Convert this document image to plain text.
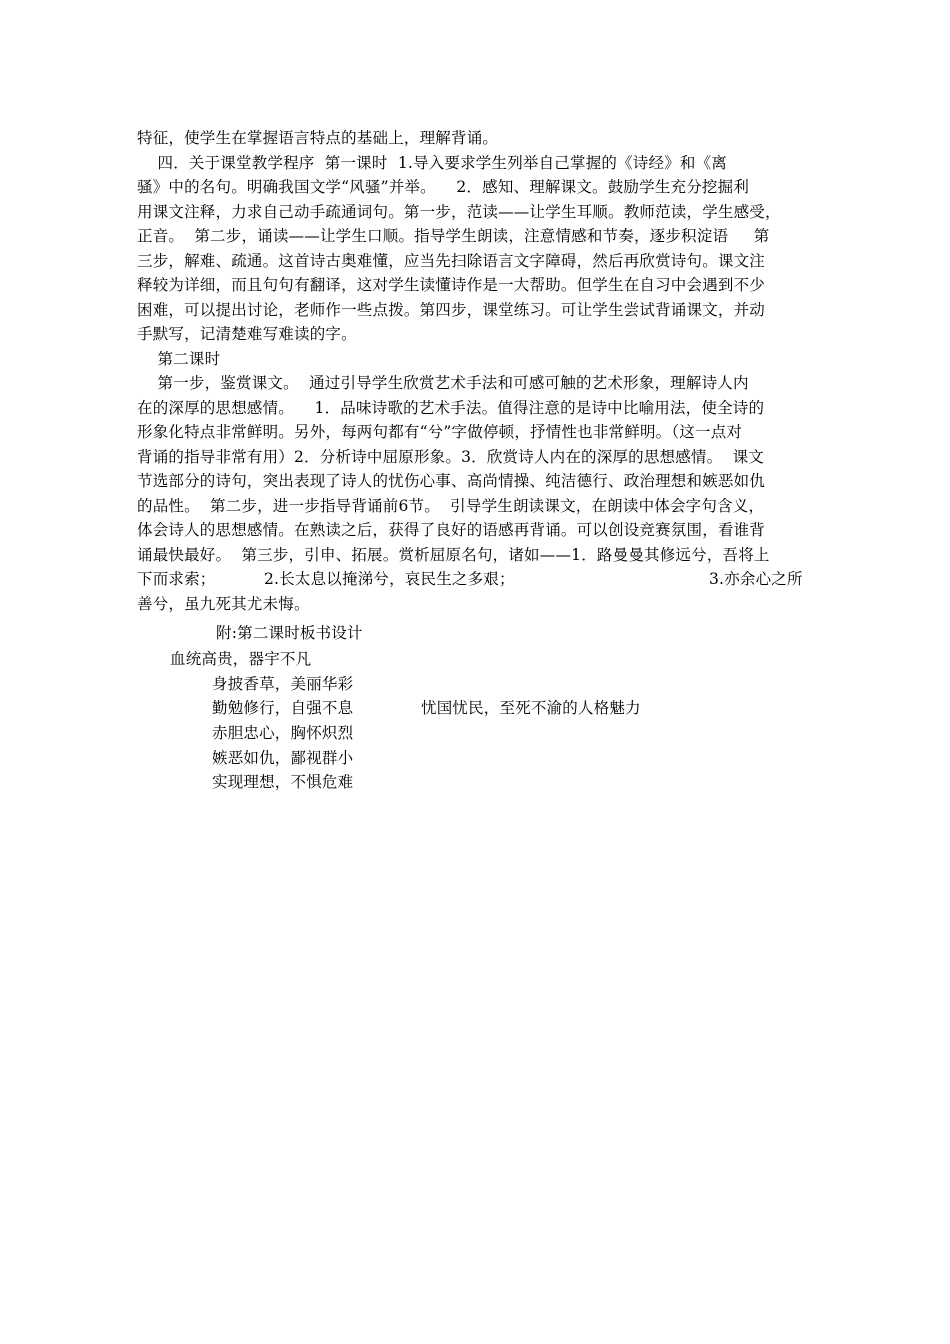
特征，使学生在掌握语言特点的基础上，理解背诵。
四．关于课堂教学程序  第一课时  1.导入要求学生列举自己掌握的《诗经》和《离
骚》中的名句。明确我国文学“风骚”并举。    2．感知、理解课文。鼓励学生充分挖掘利
用课文注释，力求自己动手疏通词句。第一步，范读——让学生耳顺。教师范读，学生感受，
正音。  第二步，诵读——让学生口顺。指导学生朗读，注意情感和节奏，逐步积淀语     第
三步，解难、疏通。这首诗古奥难懂，应当先扫除语言文字障碍，然后再欣赏诗句。课文注
释较为详细，而且句句有翻译，这对学生读懂诗作是一大帮助。但学生在自习中会遇到不少
困难，可以提出讨论，老师作一些点拨。第四步，课堂练习。可让学生尝试背诵课文，并动
手默写，记清楚难写难读的字。
第二课时
第一步，鉴赏课文。  通过引导学生欣赏艺术手法和可感可触的艺术形象，理解诗人内
在的深厚的思想感情。    1．品味诗歌的艺术手法。值得注意的是诗中比喻用法，使全诗的
形象化特点非常鲜明。另外，每两句都有“兮”字做停顿，抒情性也非常鲜明。（这一点对
背诵的指导非常有用）2．分析诗中屈原形象。3．欣赏诗人内在的深厚的思想感情。  课文
节选部分的诗句，突出表现了诗人的忧伤心事、高尚情操、纯洁德行、政治理想和嫉恶如仇
的品性。  第二步，进一步指导背诵前6节。  引导学生朗读课文，在朗读中体会字句含义，
体会诗人的思想感情。在熟读之后，获得了良好的语感再背诵。可以创设竞赛氛围，看谁背
诵最快最好。  第三步，引申、拓展。赏析屈原名句，诸如——1．路曼曼其修远兮，吾将上

下而求索；

	2.长太息以掩涕兮，哀民生之多艰；

	3.亦余心之所

善兮，虽九死其尤未悔。
附:第二课时板书设计
血统高贵，器宇不凡
身披香草，美丽华彩
勤勉修行，自强不息	忧国忧民，至死不渝的人格魅力
赤胆忠心，胸怀炽烈
嫉恶如仇，鄙视群小
实现理想，不惧危难
